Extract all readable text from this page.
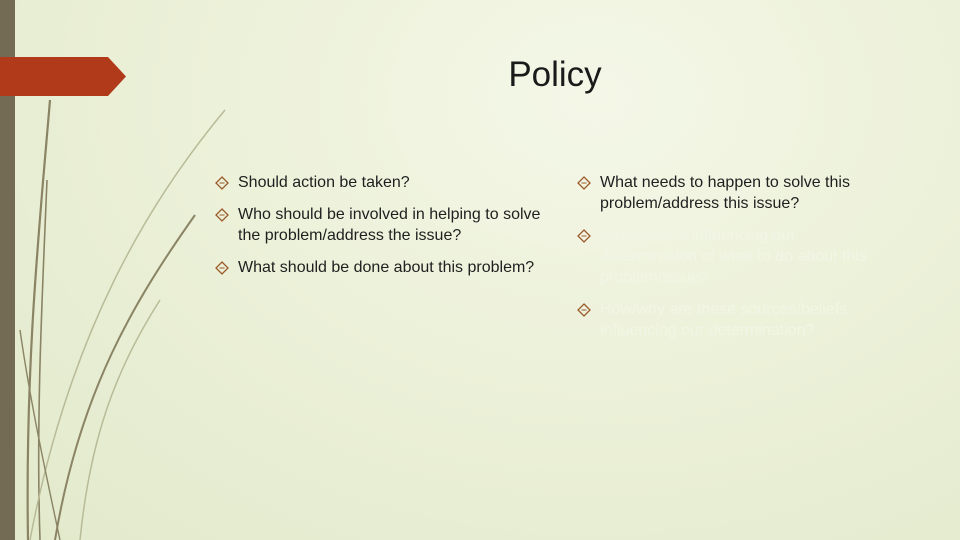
Policy
Should action be taken?
Who should be involved in helping to solve the problem/address the issue?
What should be done about this problem?
What needs to happen to solve this problem/address this issue?
Who/what is influencing our determination of what to do about this problem/issue?
How/why are these sources/beliefs influencing our determination?
